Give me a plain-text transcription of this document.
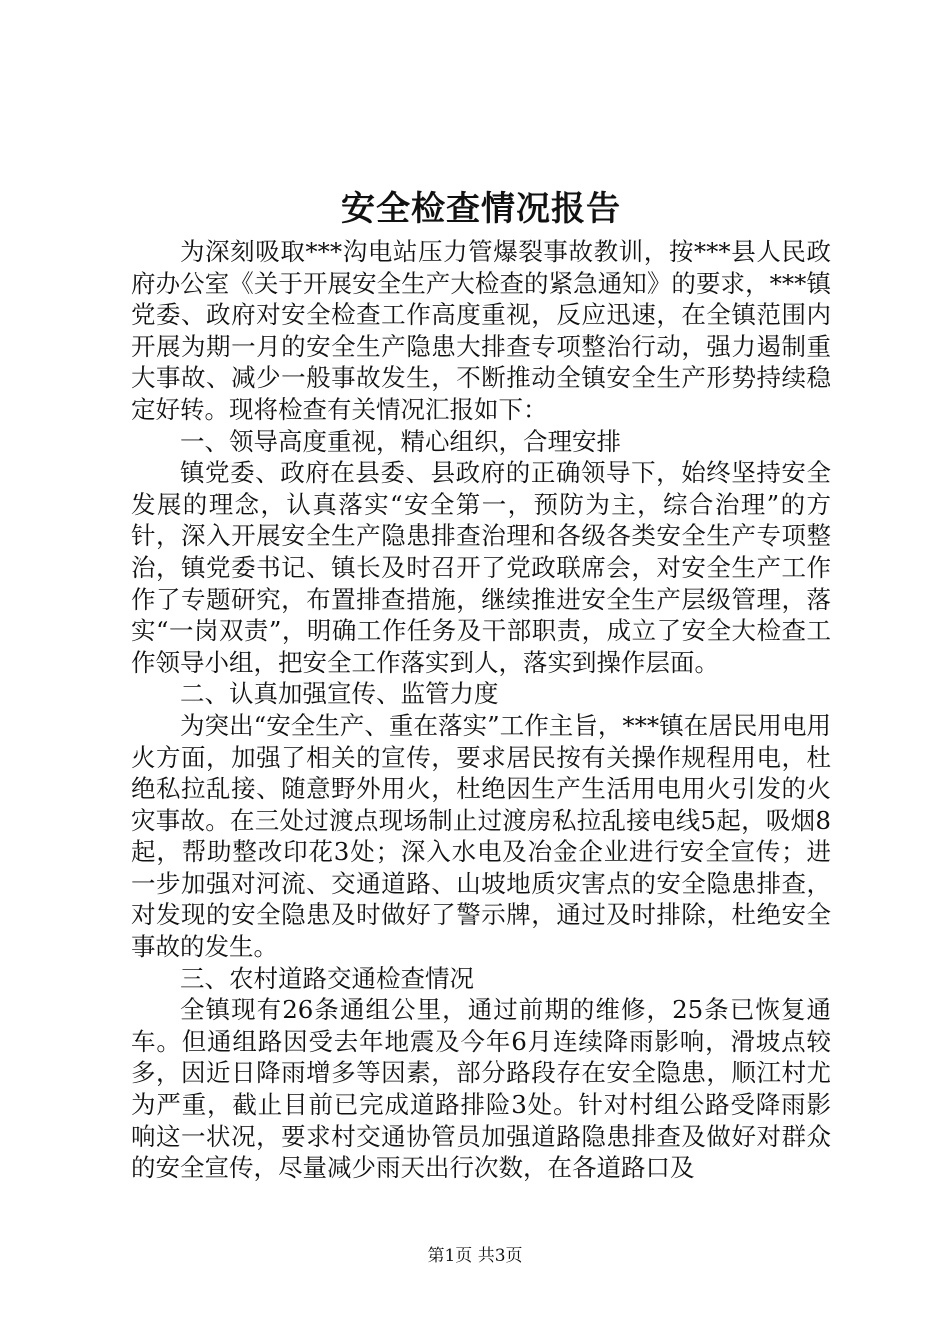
安全检查情况报告

为深刻吸取***沟电站压力管爆裂事故教训，按***县人民政府办公室《关于开展安全生产大检查的紧急通知》的要求，***镇党委、政府对安全检查工作高度重视，反应迅速，在全镇范围内开展为期一月的安全生产隐患大排查专项整治行动，强力遏制重大事故、减少一般事故发生，不断推动全镇安全生产形势持续稳定好转。现将检查有关情况汇报如下：

一、领导高度重视，精心组织，合理安排

镇党委、政府在县委、县政府的正确领导下，始终坚持安全发展的理念，认真落实“安全第一，预防为主，综合治理”的方针，深入开展安全生产隐患排查治理和各级各类安全生产专项整治，镇党委书记、镇长及时召开了党政联席会，对安全生产工作作了专题研究，布置排查措施，继续推进安全生产层级管理，落实“一岗双责”，明确工作任务及干部职责，成立了安全大检查工作领导小组，把安全工作落实到人，落实到操作层面。

二、认真加强宣传、监管力度

为突出“安全生产、重在落实”工作主旨，***镇在居民用电用火方面，加强了相关的宣传，要求居民按有关操作规程用电，杜绝私拉乱接、随意野外用火，杜绝因生产生活用电用火引发的火灾事故。在三处过渡点现场制止过渡房私拉乱接电线5起，吸烟8起，帮助整改印花3处；深入水电及冶金企业进行安全宣传；进一步加强对河流、交通道路、山坡地质灾害点的安全隐患排查，对发现的安全隐患及时做好了警示牌，通过及时排除，杜绝安全事故的发生。

三、农村道路交通检查情况

全镇现有26条通组公里，通过前期的维修，25条已恢复通车。但通组路因受去年地震及今年6月连续降雨影响，滑坡点较多，因近日降雨增多等因素，部分路段存在安全隐患，顺江村尤为严重，截止目前已完成道路排险3处。针对村组公路受降雨影响这一状况，要求村交通协管员加强道路隐患排查及做好对群众的安全宣传，尽量减少雨天出行次数，在各道路口及

第1页 共3页
